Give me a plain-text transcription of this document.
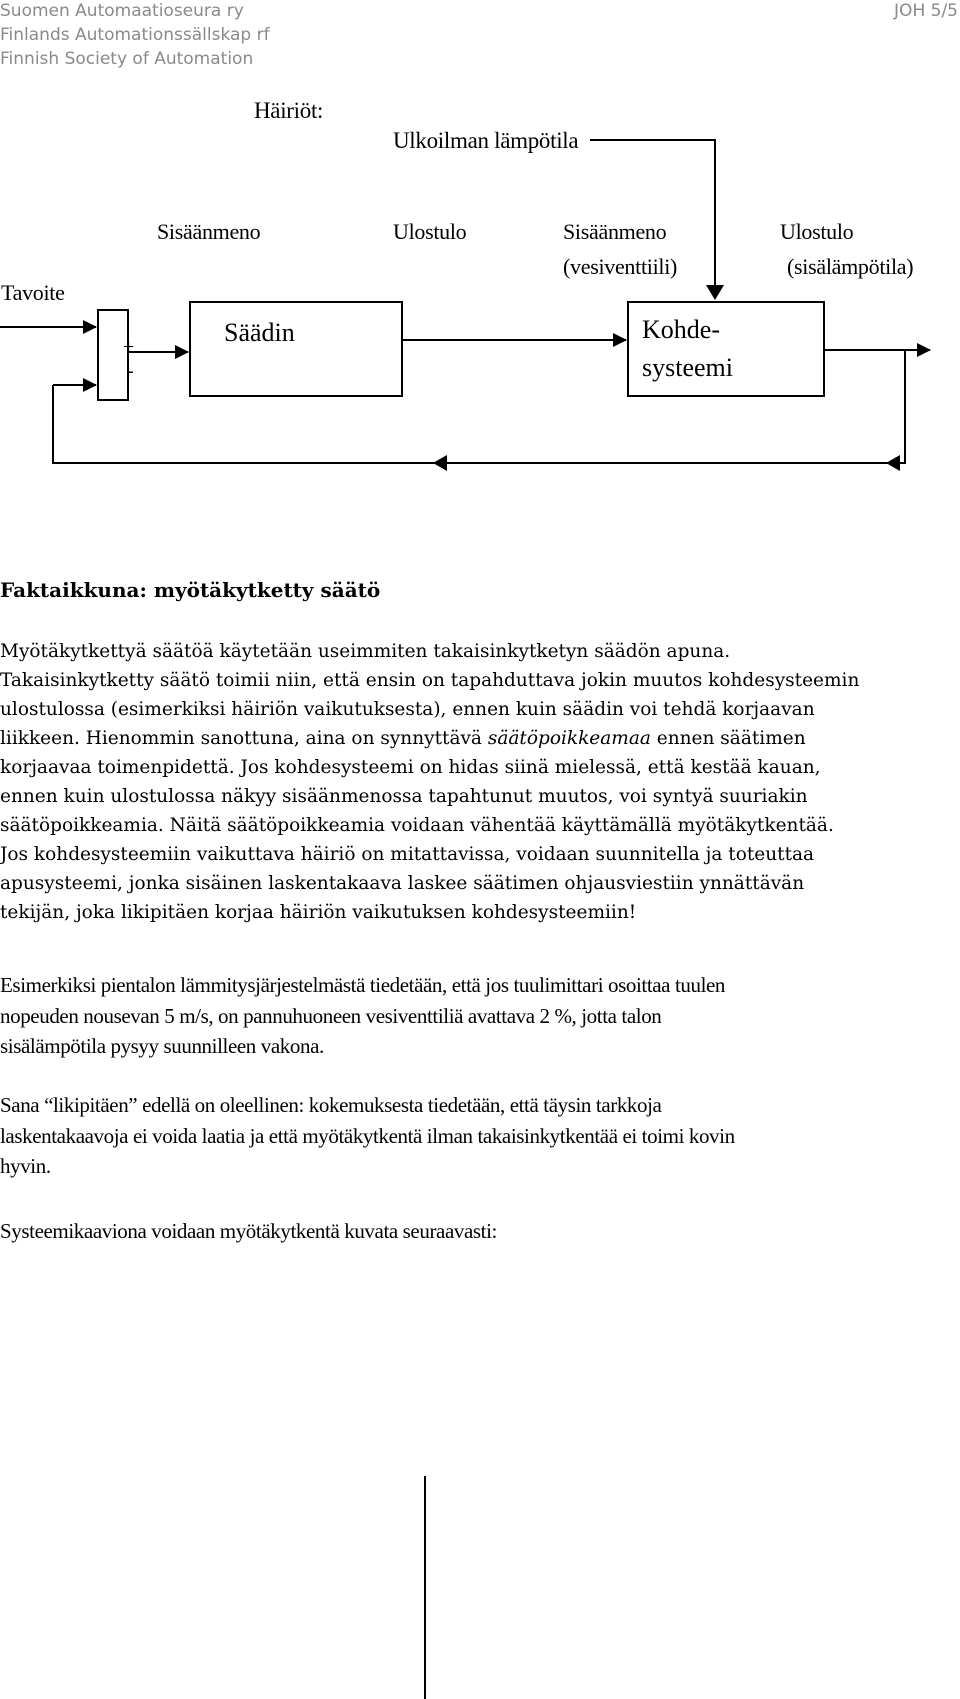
Suomen Automaatioseura ry
Finlands Automationssällskap rf
Finnish Society of Automation
JOH 5/5
Häiriöt:
Ulkoilman lämpötila
Sisäänmeno	Ulostulo	Sisäänmeno
(vesiventtiili)
Ulostulo
(sisälämpötila)
Tavoite
+
-
Säädin	Kohde-
systeemi
Faktaikkuna: myötäkytketty säätö
Myötäkytkettyä säätöä käytetään useimmiten takaisinkytketyn säädön apuna.
Takaisinkytketty säätö toimii niin, että ensin on tapahduttava jokin muutos kohdesysteemin
ulostulossa (esimerkiksi häiriön vaikutuksesta), ennen kuin säädin voi tehdä korjaavan
liikkeen. Hienommin sanottuna, aina on synnyttävä säätöpoikkeamaa ennen säätimen
korjaavaa toimenpidettä. Jos kohdesysteemi on hidas siinä mielessä, että kestää kauan,
ennen kuin ulostulossa näkyy sisäänmenossa tapahtunut muutos, voi syntyä suuriakin
säätöpoikkeamia. Näitä säätöpoikkeamia voidaan vähentää käyttämällä myötäkytkentää.
Jos kohdesysteemiin vaikuttava häiriö on mitattavissa, voidaan suunnitella ja toteuttaa
apusysteemi, jonka sisäinen laskentakaava laskee säätimen ohjausviestiin ynnättävän
tekijän, joka likipitäen korjaa häiriön vaikutuksen kohdesysteemiin!
Esimerkiksi pientalon lämmitysjärjestelmästä tiedetään, että jos tuulimittari osoittaa tuulen
nopeuden nousevan 5 m/s, on pannuhuoneen vesiventtiliä avattava 2 %, jotta talon
sisälämpötila pysyy suunnilleen vakona.
Sana “likipitäen” edellä on oleellinen: kokemuksesta tiedetään, että täysin tarkkoja
laskentakaavoja ei voida laatia ja että myötäkytkentä ilman takaisinkytkentää ei toimi kovin
hyvin.
Systeemikaaviona voidaan myötäkytkentä kuvata seuraavasti:
